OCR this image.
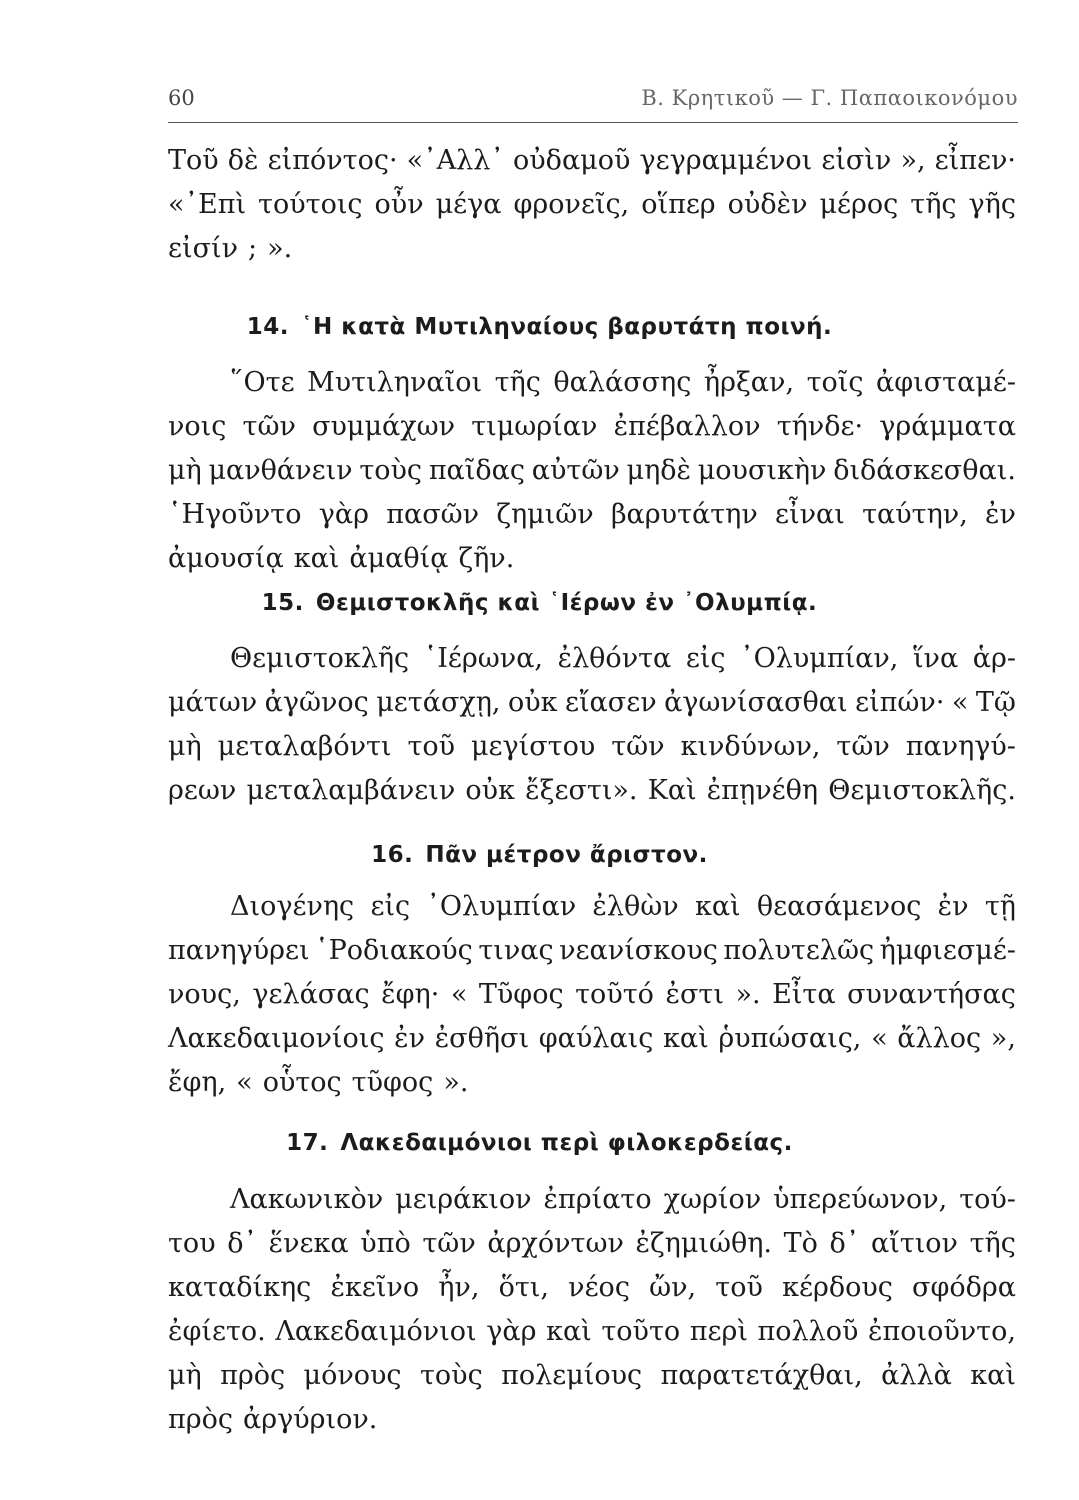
60	Β. Κρητικοῦ — Γ. Παπαοικονόμου
Τοῦ δὲ εἰπόντος· «᾿Αλλ᾽ οὐδαμοῦ γεγραμμένοι εἰσὶν », εἶπεν·
«᾿Επὶ τούτοις οὖν μέγα φρονεῖς, οἵπερ οὐδὲν μέρος τῆς γῆς
εἰσίν ; ».
14. ῾Η κατὰ Μυτιληναίους βαρυτάτη ποινή.
῞Οτε Μυτιληναῖοι τῆς θαλάσσης ἦρξαν, τοῖς ἀφισταμέ-
νοις τῶν συμμάχων τιμωρίαν ἐπέβαλλον τήνδε· γράμματα
μὴ μανθάνειν τοὺς παῖδας αὐτῶν μηδὲ μουσικὴν διδάσκεσθαι.
῾Ηγοῦντο γὰρ πασῶν ζημιῶν βαρυτάτην εἶναι ταύτην, ἐν
ἀμουσίᾳ καὶ ἀμαθίᾳ ζῆν.
15. Θεμιστοκλῆς καὶ ῾Ιέρων ἐν ᾿Ολυμπίᾳ.
Θεμιστοκλῆς ῾Ιέρωνα, ἐλθόντα εἰς ᾿Ολυμπίαν, ἵνα ἁρ-
μάτων ἀγῶνος μετάσχῃ, οὐκ εἴασεν ἀγωνίσασθαι εἰπών· « Τῷ
μὴ μεταλαβόντι τοῦ μεγίστου τῶν κινδύνων, τῶν πανηγύ-
ρεων μεταλαμβάνειν οὐκ ἔξεστι». Καὶ ἐπῃνέθη Θεμιστοκλῆς.
16. Πᾶν μέτρον ἄριστον.
Διογένης εἰς ᾿Ολυμπίαν ἐλθὼν καὶ θεασάμενος ἐν τῇ
πανηγύρει ῾Ροδιακούς τινας νεανίσκους πολυτελῶς ἠμφιεσμέ-
νους, γελάσας ἔφη· « Τῦφος τοῦτό ἐστι ». Εἶτα συναντήσας
Λακεδαιμονίοις ἐν ἐσθῆσι φαύλαις καὶ ῥυπώσαις, « ἄλλος »,
ἔφη, « οὗτος τῦφος ».
17. Λακεδαιμόνιοι περὶ φιλοκερδείας.
Λακωνικὸν μειράκιον ἐπρίατο χωρίον ὑπερεύωνον, τού-
του δ᾽ ἕνεκα ὑπὸ τῶν ἀρχόντων ἐζημιώθη. Τὸ δ᾽ αἴτιον τῆς
καταδίκης ἐκεῖνο ἦν, ὅτι, νέος ὤν, τοῦ κέρδους σφόδρα
ἐφίετο. Λακεδαιμόνιοι γὰρ καὶ τοῦτο περὶ πολλοῦ ἐποιοῦντο,
μὴ πρὸς μόνους τοὺς πολεμίους παρατετάχθαι, ἀλλὰ καὶ
πρὸς ἀργύριον.
